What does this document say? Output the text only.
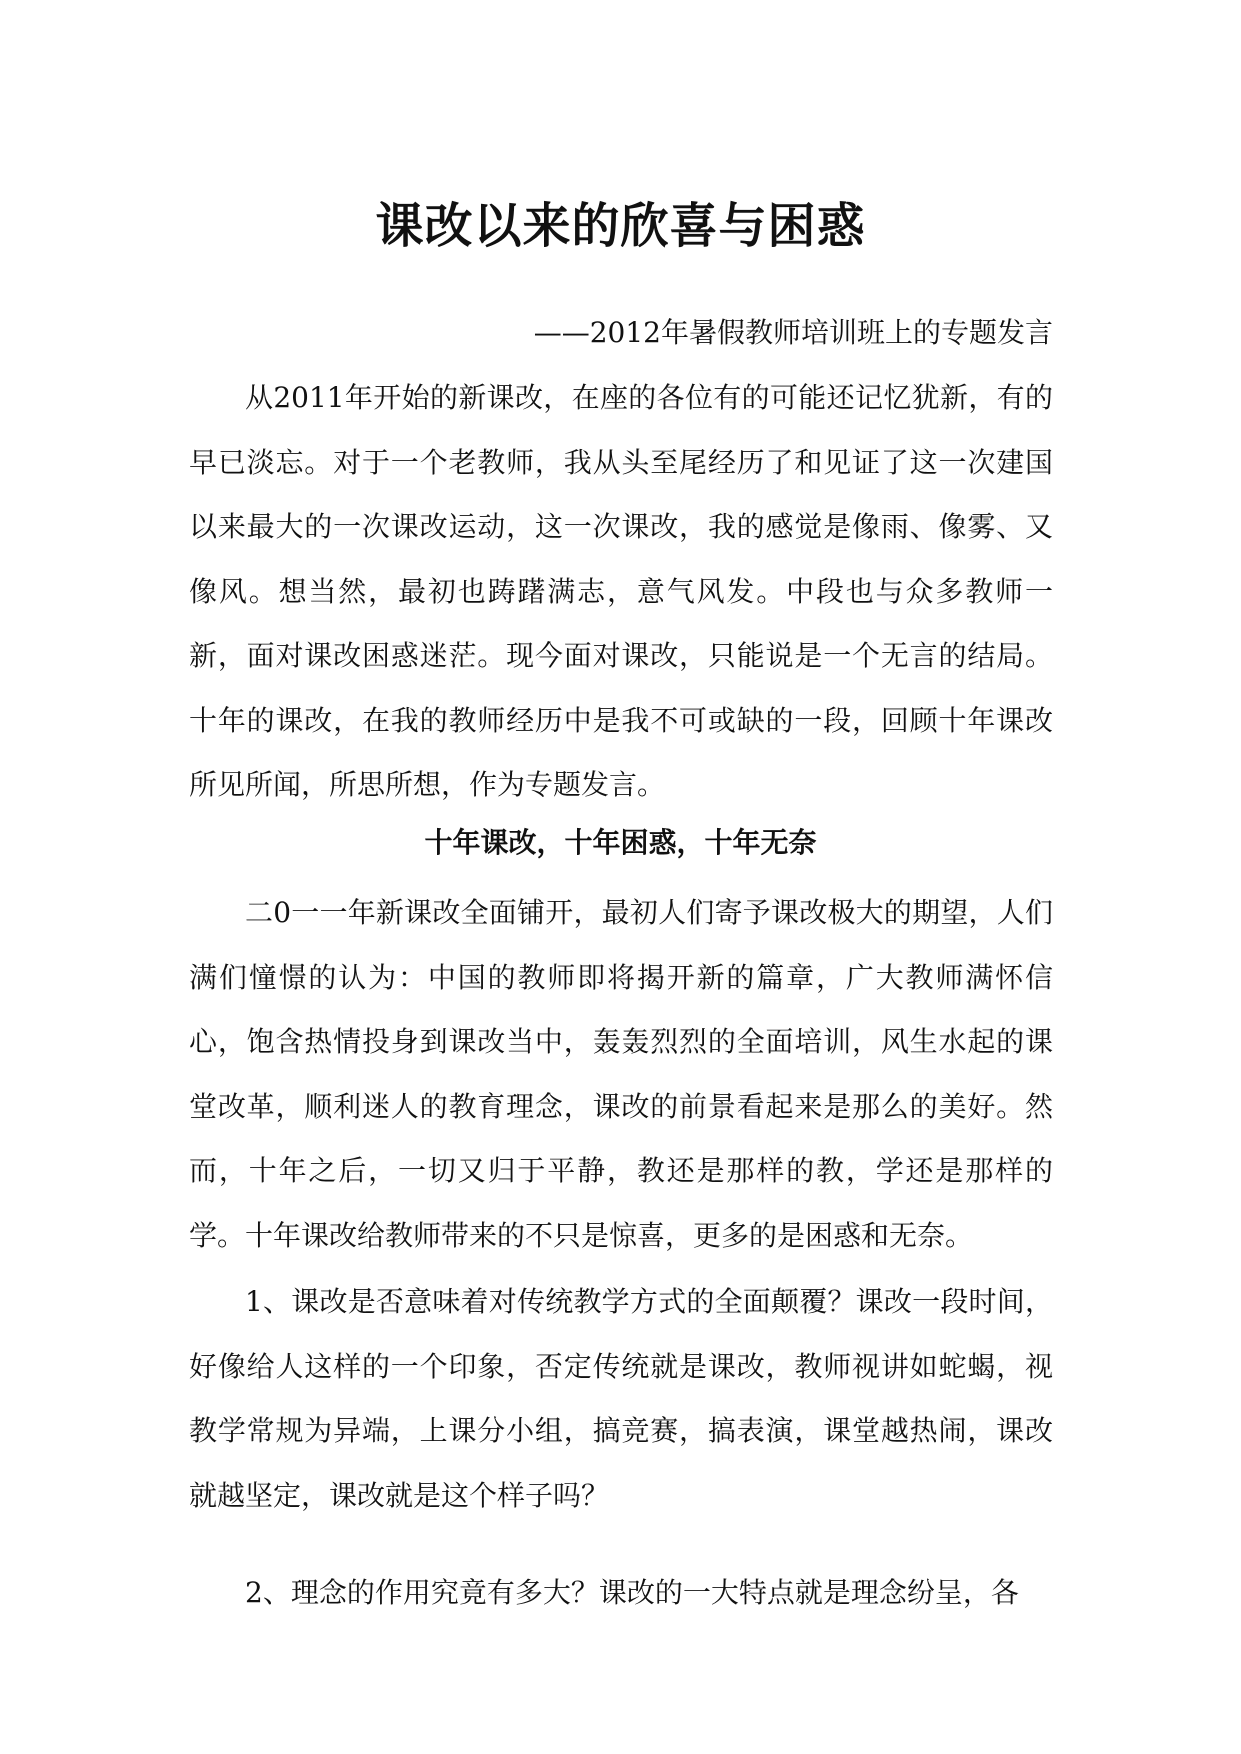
课改以来的欣喜与困惑
——2012年暑假教师培训班上的专题发言

从2011年开始的新课改，在座的各位有的可能还记忆犹新，有的早已淡忘。对于一个老教师，我从头至尾经历了和见证了这一次建国以来最大的一次课改运动，这一次课改，我的感觉是像雨、像雾、又像风。想当然，最初也踌躇满志，意气风发。中段也与众多教师一新，面对课改困惑迷茫。现今面对课改，只能说是一个无言的结局。十年的课改，在我的教师经历中是我不可或缺的一段，回顾十年课改所见所闻，所思所想，作为专题发言。

十年课改，十年困惑，十年无奈

二0一一年新课改全面铺开，最初人们寄予课改极大的期望，人们满们憧憬的认为：中国的教师即将揭开新的篇章，广大教师满怀信心，饱含热情投身到课改当中，轰轰烈烈的全面培训，风生水起的课堂改革，顺利迷人的教育理念，课改的前景看起来是那么的美好。然而，十年之后，一切又归于平静，教还是那样的教，学还是那样的学。十年课改给教师带来的不只是惊喜，更多的是困惑和无奈。

1、课改是否意味着对传统教学方式的全面颠覆？课改一段时间，好像给人这样的一个印象，否定传统就是课改，教师视讲如蛇蝎，视教学常规为异端，上课分小组，搞竞赛，搞表演，课堂越热闹，课改就越坚定，课改就是这个样子吗？

2、理念的作用究竟有多大？课改的一大特点就是理念纷呈，各
